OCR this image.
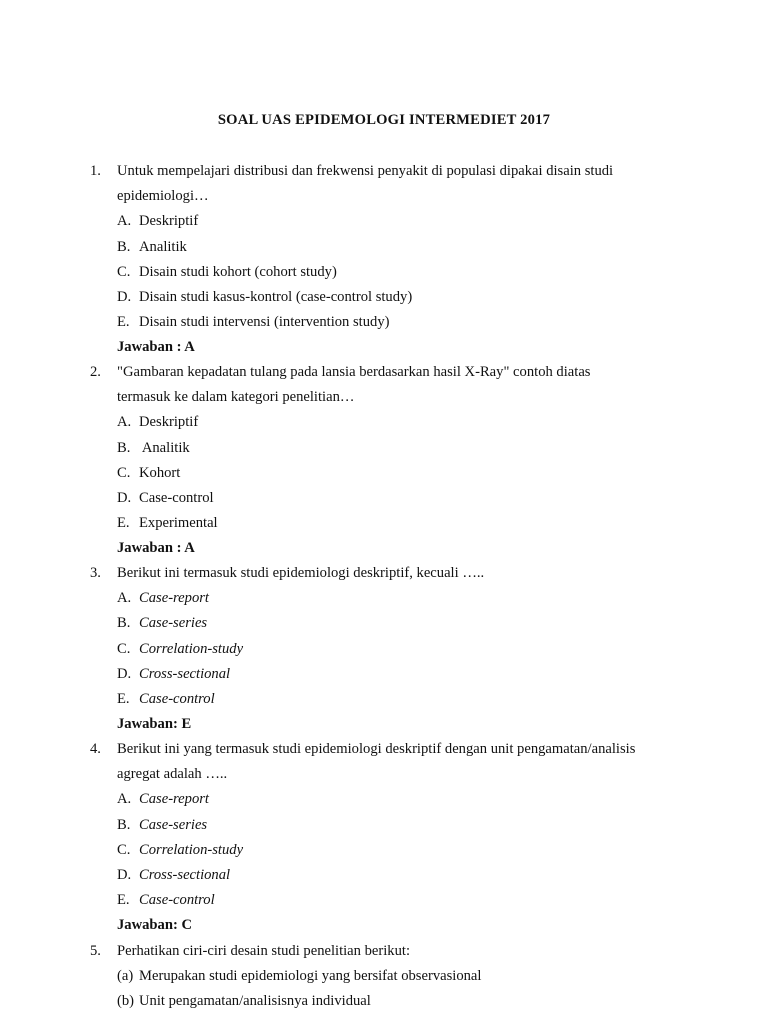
SOAL UAS EPIDEMOLOGI INTERMEDIET 2017
1. Untuk mempelajari distribusi dan frekwensi penyakit di populasi dipakai disain studi
epidemiologi…
A. Deskriptif
B. Analitik
C. Disain studi kohort (cohort study)
D. Disain studi kasus-kontrol (case-control study)
E. Disain studi intervensi (intervention study)
Jawaban : A
2. "Gambaran kepadatan tulang pada lansia berdasarkan hasil X-Ray" contoh diatas
termasuk ke dalam kategori penelitian…
A. Deskriptif
B. Analitik
C. Kohort
D. Case-control
E. Experimental
Jawaban : A
3. Berikut ini termasuk studi epidemiologi deskriptif, kecuali …..
A. Case-report
B. Case-series
C. Correlation-study
D. Cross-sectional
E. Case-control
Jawaban: E
4. Berikut ini yang termasuk studi epidemiologi deskriptif dengan unit pengamatan/analisis
agregat adalah …..
A. Case-report
B. Case-series
C. Correlation-study
D. Cross-sectional
E. Case-control
Jawaban: C
5. Perhatikan ciri-ciri desain studi penelitian berikut:
(a) Merupakan studi epidemiologi yang bersifat observasional
(b) Unit pengamatan/analisisnya individual
